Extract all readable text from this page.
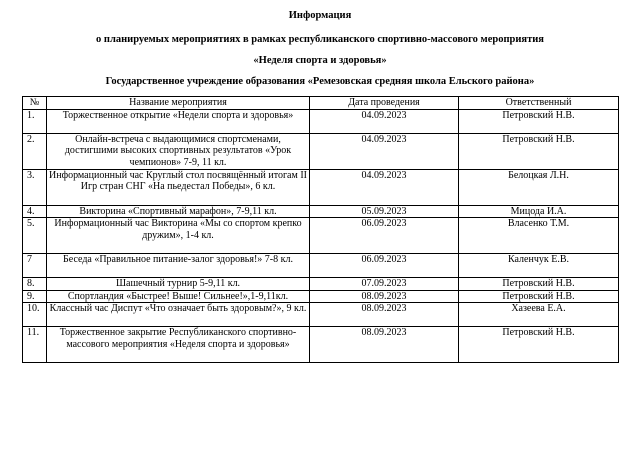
Информация
о планируемых мероприятиях в рамках республиканского спортивно-массового мероприятия
«Неделя спорта и здоровья»
Государственное учреждение образования «Ремезовская средняя школа Ельского района»
№	Название мероприятия	Дата проведения	Ответственный
1.	Торжественное открытие «Недели спорта и здоровья»	04.09.2023	Петровский Н.В.
2.	Онлайн-встреча с выдающимися спортсменами, достигшими высоких спортивных результатов «Урок чемпионов» 7-9, 11 кл.	04.09.2023	Петровский Н.В.
3.	Информационный час Круглый стол посвящённый итогам II Игр стран СНГ «На пьедестал Победы», 6 кл.	04.09.2023	Белоцкая Л.Н.
4.	Викторина «Спортивный марафон», 7-9,11 кл.	05.09.2023	Мицода И.А.
5.	Информационный час Викторина «Мы со спортом крепко дружим», 1-4 кл.	06.09.2023	Власенко Т.М.
7	Беседа «Правильное питание-залог здоровья!» 7-8 кл.	06.09.2023	Каленчук Е.В.
8.	Шашечный турнир 5-9,11 кл.	07.09.2023	Петровский Н.В.
9.	Спортландия «Быстрее! Выше! Сильнее!»,1-9,11кл.	08.09.2023	Петровский Н.В.
10.	Классный час Диспут «Что означает быть здоровым?», 9 кл.	08.09.2023	Хазеева Е.А.
11.	Торжественное закрытие Республиканского спортивно-массового мероприятия «Неделя спорта и здоровья»	08.09.2023	Петровский Н.В.
